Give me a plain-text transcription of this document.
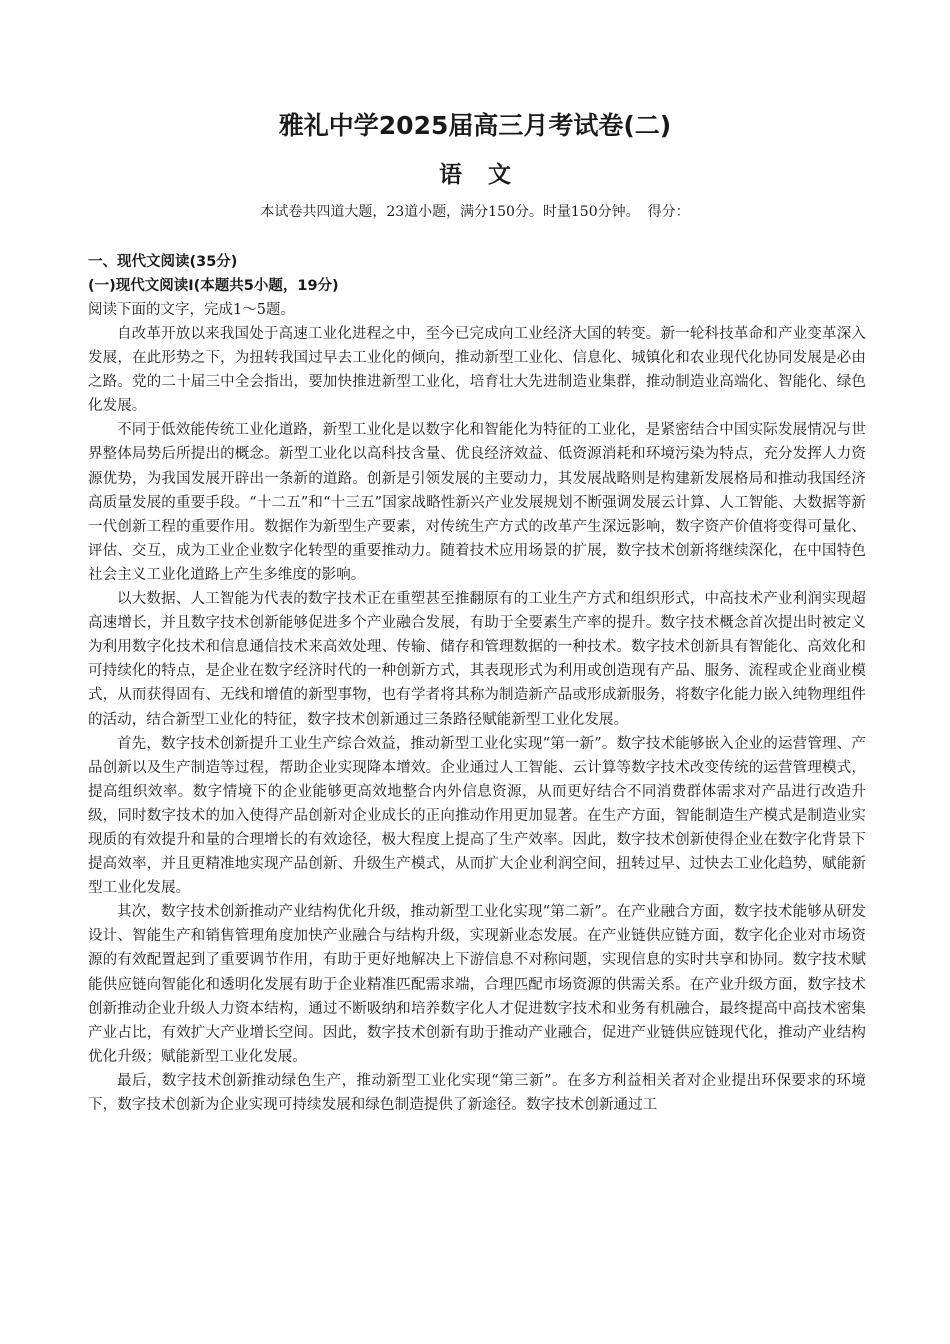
雅礼中学2025届高三月考试卷(二)
语文
本试卷共四道大题，23道小题，满分150分。时量150分钟。 得分：

一、现代文阅读(35分)

(一)现代文阅读Ⅰ(本题共5小题，19分)

阅读下面的文字，完成1～5题。

自改革开放以来我国处于高速工业化进程之中，至今已完成向工业经济大国的转变。新一轮科技革命和产业变革深入发展，在此形势之下，为扭转我国过早去工业化的倾向，推动新型工业化、信息化、城镇化和农业现代化协同发展是必由之路。党的二十届三中全会指出，要加快推进新型工业化，培育壮大先进制造业集群，推动制造业高端化、智能化、绿色化发展。

不同于低效能传统工业化道路，新型工业化是以数字化和智能化为特征的工业化，是紧密结合中国实际发展情况与世界整体局势后所提出的概念。新型工业化以高科技含量、优良经济效益、低资源消耗和环境污染为特点，充分发挥人力资源优势，为我国发展开辟出一条新的道路。创新是引领发展的主要动力，其发展战略则是构建新发展格局和推动我国经济高质量发展的重要手段。“十二五”和“十三五”国家战略性新兴产业发展规划不断强调发展云计算、人工智能、大数据等新一代创新工程的重要作用。数据作为新型生产要素，对传统生产方式的改革产生深远影响，数字资产价值将变得可量化、评估、交互，成为工业企业数字化转型的重要推动力。随着技术应用场景的扩展，数字技术创新将继续深化，在中国特色社会主义工业化道路上产生多维度的影响。

以大数据、人工智能为代表的数字技术正在重塑甚至推翻原有的工业生产方式和组织形式，中高技术产业利润实现超高速增长，并且数字技术创新能够促进多个产业融合发展，有助于全要素生产率的提升。数字技术概念首次提出时被定义为利用数字化技术和信息通信技术来高效处理、传输、储存和管理数据的一种技术。数字技术创新具有智能化、高效化和可持续化的特点，是企业在数字经济时代的一种创新方式，其表现形式为利用或创造现有产品、服务、流程或企业商业模式，从而获得固有、无线和增值的新型事物，也有学者将其称为制造新产品或形成新服务，将数字化能力嵌入纯物理组件的活动，结合新型工业化的特征，数字技术创新通过三条路径赋能新型工业化发展。

首先，数字技术创新提升工业生产综合效益，推动新型工业化实现“第一新”。数字技术能够嵌入企业的运营管理、产品创新以及生产制造等过程，帮助企业实现降本增效。企业通过人工智能、云计算等数字技术改变传统的运营管理模式，提高组织效率。数字情境下的企业能够更高效地整合内外信息资源，从而更好结合不同消费群体需求对产品进行改造升级，同时数字技术的加入使得产品创新对企业成长的正向推动作用更加显著。在生产方面，智能制造生产模式是制造业实现质的有效提升和量的合理增长的有效途径，极大程度上提高了生产效率。因此，数字技术创新使得企业在数字化背景下提高效率，并且更精准地实现产品创新、升级生产模式，从而扩大企业利润空间，扭转过早、过快去工业化趋势，赋能新型工业化发展。

其次，数字技术创新推动产业结构优化升级，推动新型工业化实现“第二新”。在产业融合方面，数字技术能够从研发设计、智能生产和销售管理角度加快产业融合与结构升级，实现新业态发展。在产业链供应链方面，数字化企业对市场资源的有效配置起到了重要调节作用，有助于更好地解决上下游信息不对称问题，实现信息的实时共享和协同。数字技术赋能供应链向智能化和透明化发展有助于企业精准匹配需求端，合理匹配市场资源的供需关系。在产业升级方面，数字技术创新推动企业升级人力资本结构，通过不断吸纳和培养数字化人才促进数字技术和业务有机融合，最终提高中高技术密集产业占比，有效扩大产业增长空间。因此，数字技术创新有助于推动产业融合，促进产业链供应链现代化，推动产业结构优化升级；赋能新型工业化发展。

最后，数字技术创新推动绿色生产，推动新型工业化实现“第三新”。在多方利益相关者对企业提出环保要求的环境下，数字技术创新为企业实现可持续发展和绿色制造提供了新途径。数字技术创新通过工
